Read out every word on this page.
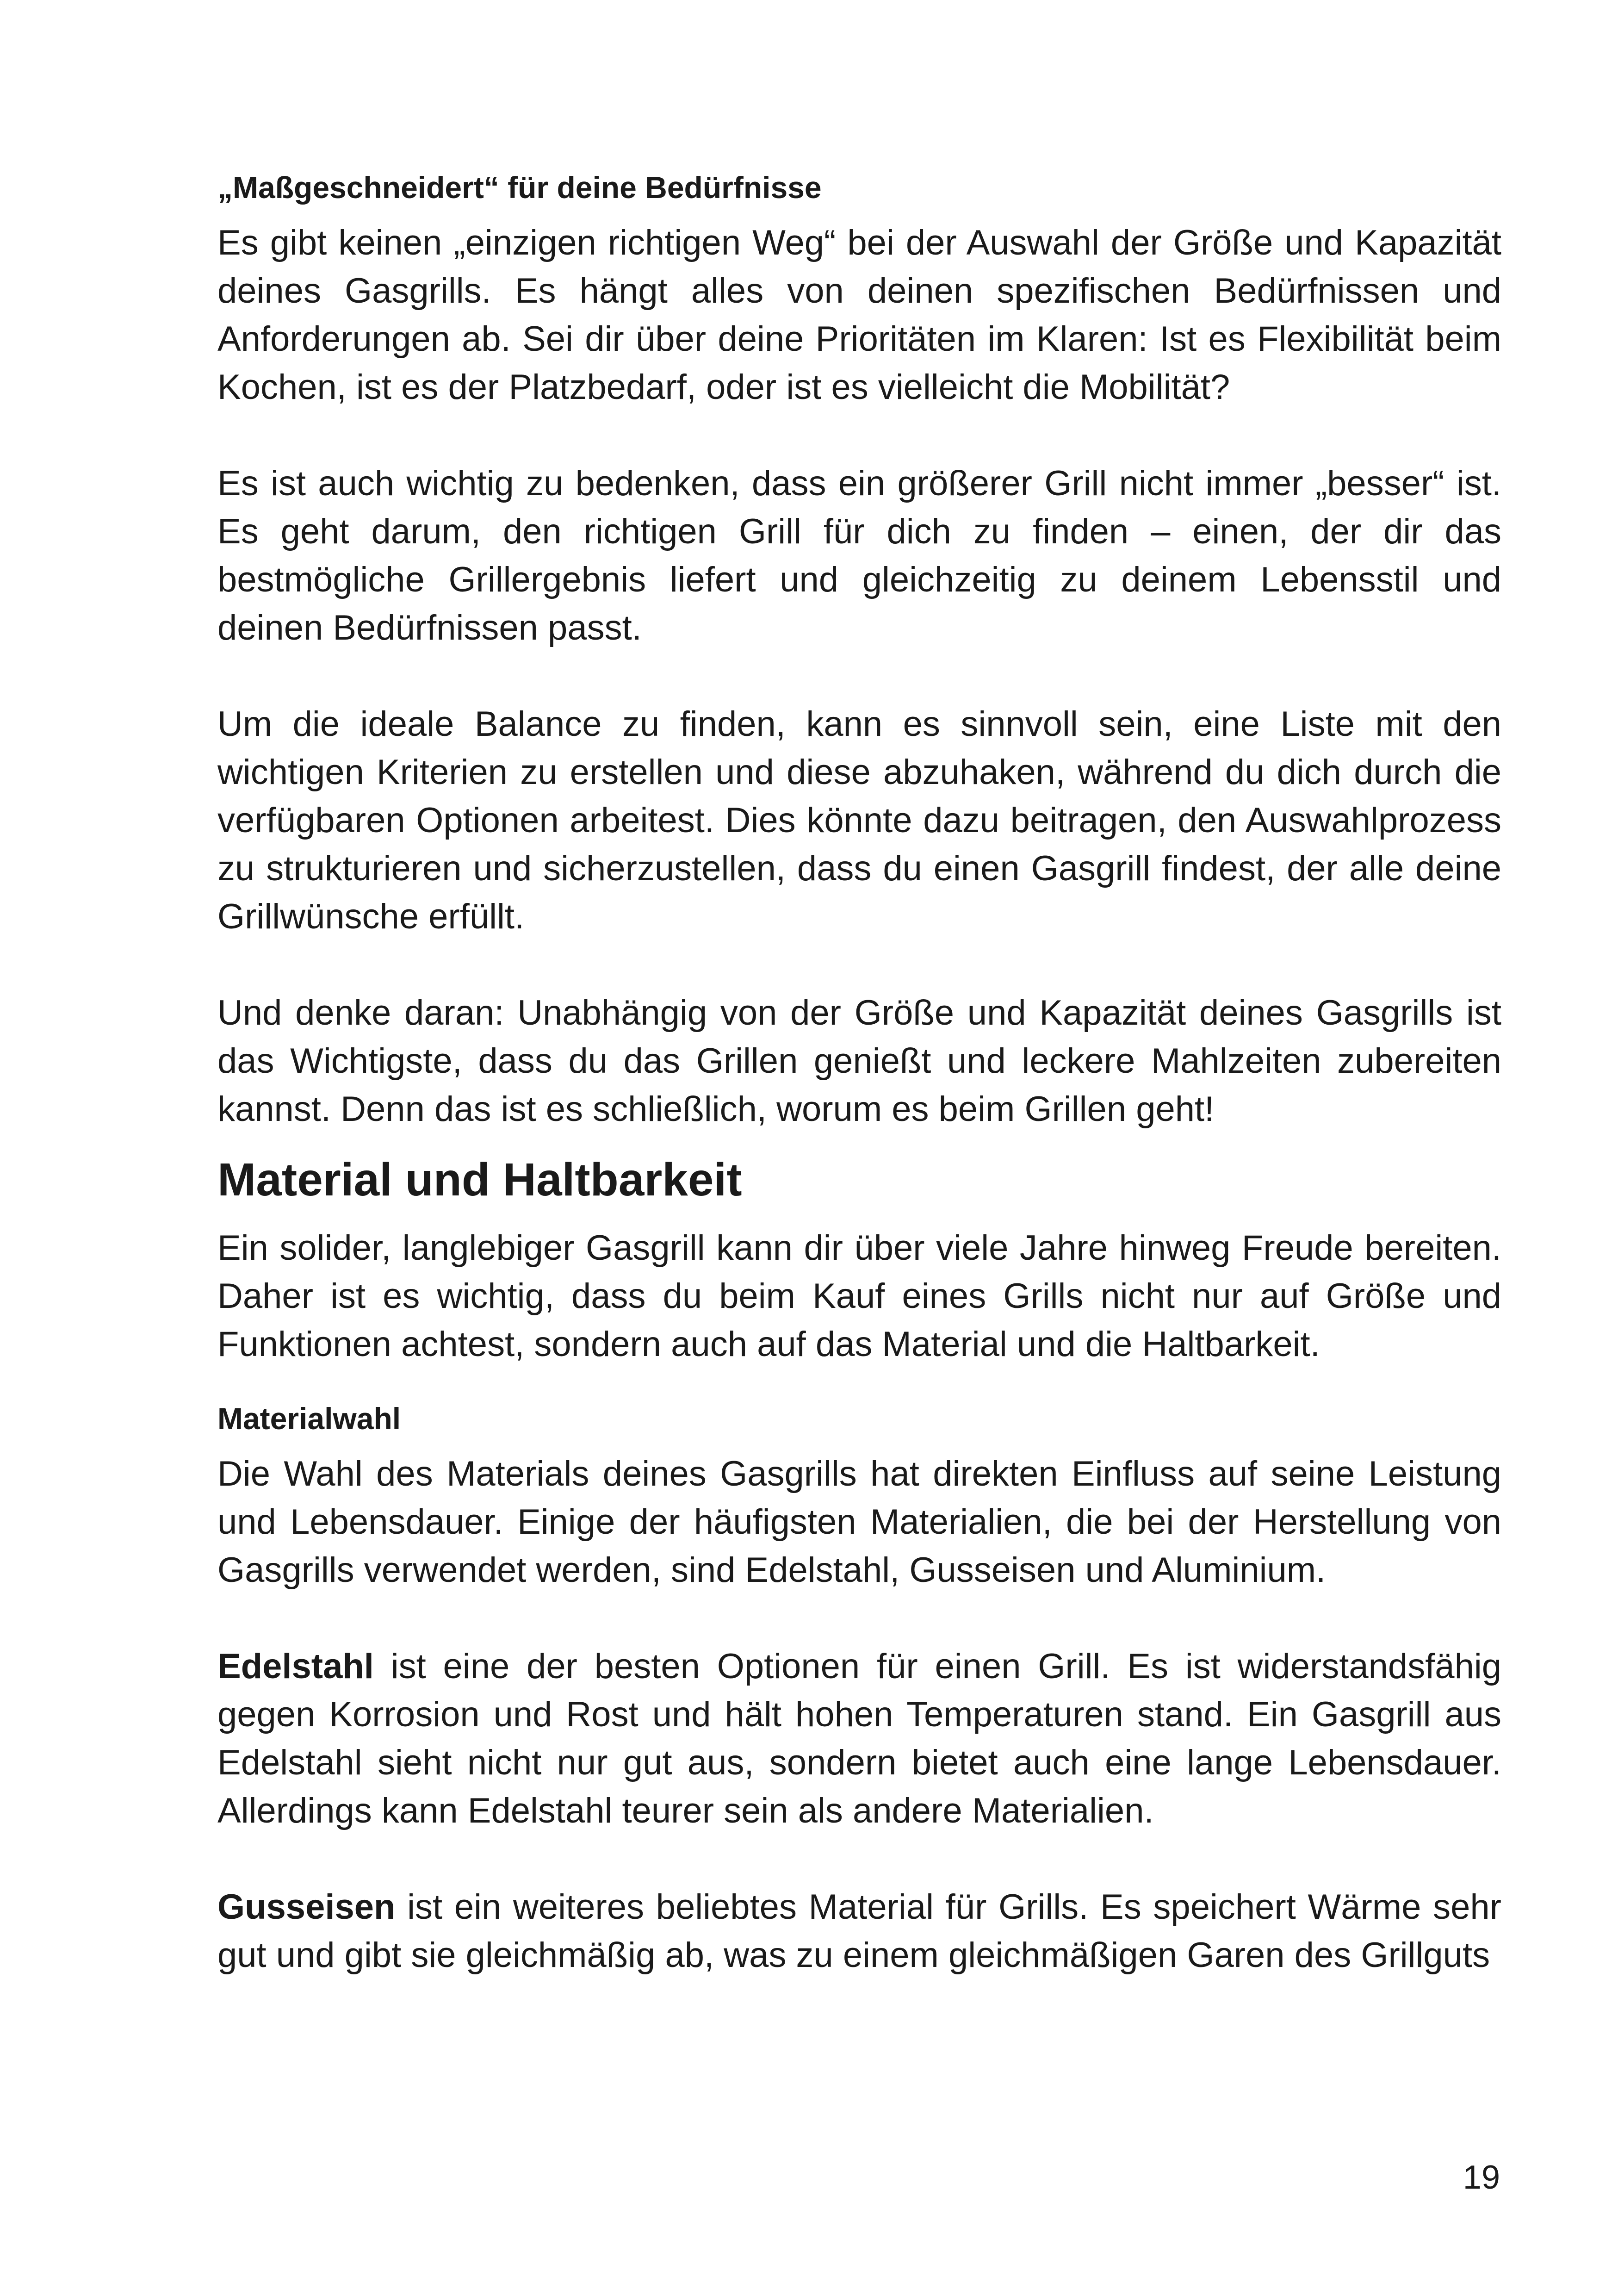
„Maßgeschneidert“ für deine Bedürfnisse

Es gibt keinen „einzigen richtigen Weg“ bei der Auswahl der Größe und Kapazität deines Gasgrills. Es hängt alles von deinen spezifischen Bedürfnissen und Anforderungen ab. Sei dir über deine Prioritäten im Klaren: Ist es Flexibilität beim Kochen, ist es der Platzbedarf, oder ist es vielleicht die Mobilität?

Es ist auch wichtig zu bedenken, dass ein größerer Grill nicht immer „besser“ ist. Es geht darum, den richtigen Grill für dich zu finden – einen, der dir das bestmögliche Grillergebnis liefert und gleichzeitig zu deinem Lebensstil und deinen Bedürfnissen passt.

Um die ideale Balance zu finden, kann es sinnvoll sein, eine Liste mit den wichtigen Kriterien zu erstellen und diese abzuhaken, während du dich durch die verfügbaren Optionen arbeitest. Dies könnte dazu beitragen, den Auswahlprozess zu strukturieren und sicherzustellen, dass du einen Gasgrill findest, der alle deine Grillwünsche erfüllt.

Und denke daran: Unabhängig von der Größe und Kapazität deines Gasgrills ist das Wichtigste, dass du das Grillen genießt und leckere Mahlzeiten zubereiten kannst. Denn das ist es schließlich, worum es beim Grillen geht!

Material und Haltbarkeit

Ein solider, langlebiger Gasgrill kann dir über viele Jahre hinweg Freude bereiten. Daher ist es wichtig, dass du beim Kauf eines Grills nicht nur auf Größe und Funktionen achtest, sondern auch auf das Material und die Haltbarkeit.

Materialwahl

Die Wahl des Materials deines Gasgrills hat direkten Einfluss auf seine Leistung und Lebensdauer. Einige der häufigsten Materialien, die bei der Herstellung von Gasgrills verwendet werden, sind Edelstahl, Gusseisen und Aluminium.

Edelstahl ist eine der besten Optionen für einen Grill. Es ist widerstandsfähig gegen Korrosion und Rost und hält hohen Temperaturen stand. Ein Gasgrill aus Edelstahl sieht nicht nur gut aus, sondern bietet auch eine lange Lebensdauer. Allerdings kann Edelstahl teurer sein als andere Materialien.

Gusseisen ist ein weiteres beliebtes Material für Grills. Es speichert Wärme sehr gut und gibt sie gleichmäßig ab, was zu einem gleichmäßigen Garen des Grillguts

19
